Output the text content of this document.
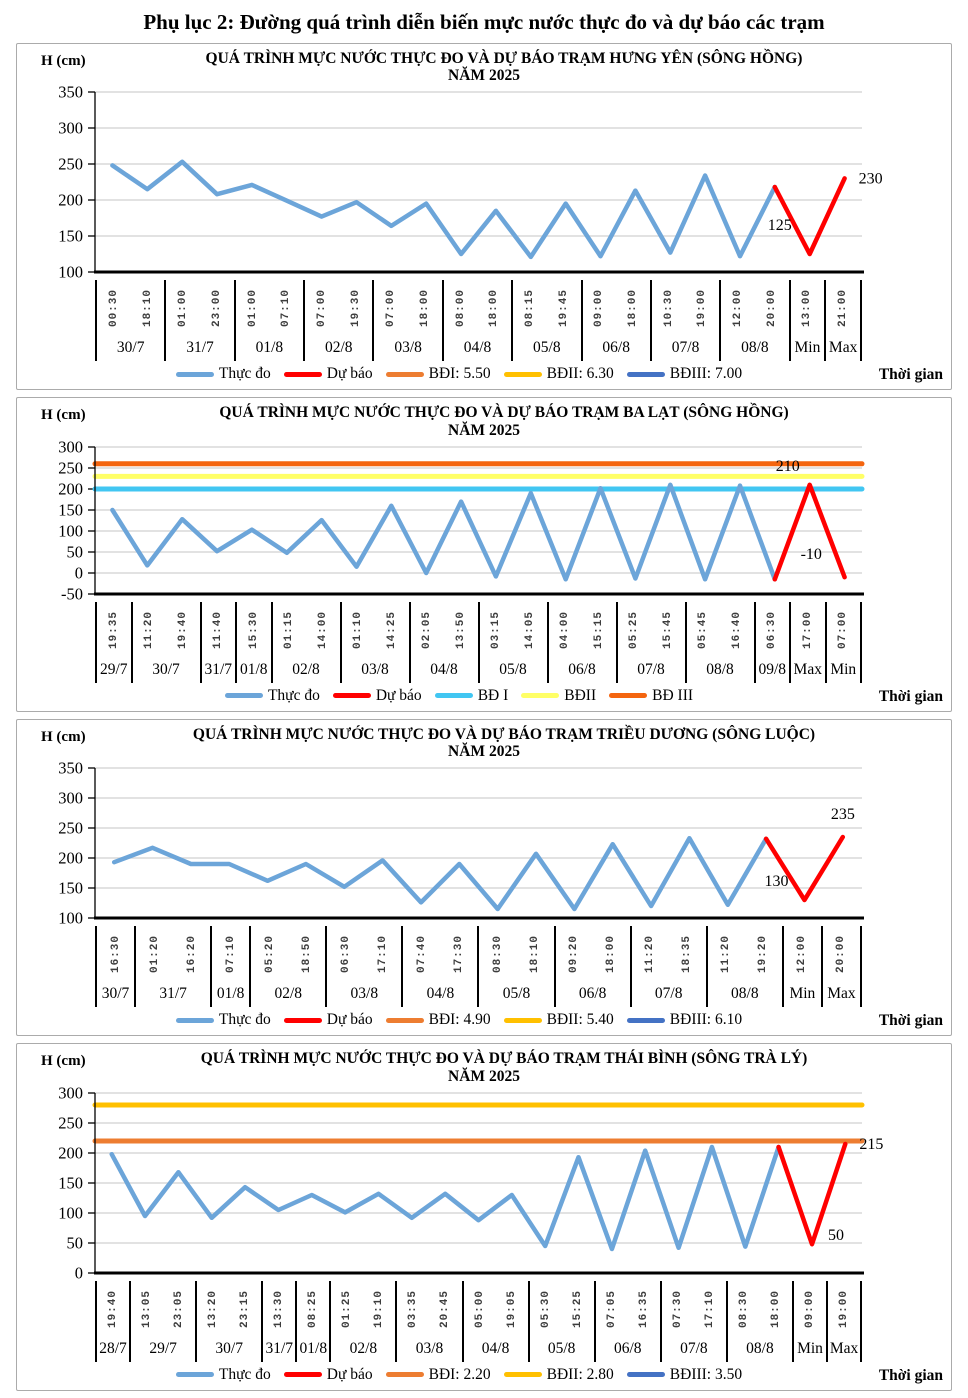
Phụ lục 2: Đường quá trình diễn biến mực nước thực đo và dự báo các trạm
H (cm)	QUÁ TRÌNH MỰC NƯỚC THỰC ĐO VÀ DỰ BÁO TRẠM HƯNG YÊN (SÔNG HỒNG)
NĂM 2025
350
300
250
200
150
100
125
230
00:30 18:10
30/7
01:00 23:00
31/7
01:00 07:10
01/8
07:00 19:30
02/8
07:00 18:00
03/8
08:00 18:00
04/8
08:15 19:45
05/8
09:00 18:00
06/8
10:30 19:00
07/8
12:00 20:00
08/8
13:00
Min
21:00
Max
Thực đo	Dự báo	BĐI: 5.50	BĐII: 6.30	BĐIII: 7.00	Thời gian
H (cm)	QUÁ TRÌNH MỰC NƯỚC THỰC ĐO VÀ DỰ BÁO TRẠM BA LẠT (SÔNG HỒNG)
NĂM 2025
300
250
200
150
100
50
0
-50
210
-10
19:35
29/7
11:20 19:40
30/7
11:40
31/7
15:30
01/8
01:15 14:00
02/8
01:10 14:25
03/8
02:05 13:50
04/8
03:15 14:05
05/8
04:00 15:15
06/8
05:25 15:45
07/8
05:45 16:40
08/8
06:30
09/8
17:00
Max
07:00
Min
Thực đo	Dự báo	BĐ I	BĐII	BĐ III	Thời gian
H (cm)	QUÁ TRÌNH MỰC NƯỚC THỰC ĐO VÀ DỰ BÁO TRẠM TRIỀU DƯƠNG (SÔNG LUỘC)
NĂM 2025
350
300
250
200
150
100
130
235
16:30
30/7
01:20 16:20
31/7
07:10
01/8
05:20 18:50
02/8
06:30 17:10
03/8
07:40 17:30
04/8
08:30 18:10
05/8
09:20 18:00
06/8
11:20 18:35
07/8
11:20 19:20
08/8
12:00
Min
20:00
Max
Thực đo	Dự báo	BĐI: 4.90	BĐII: 5.40	BĐIII: 6.10	Thời gian
H (cm)	QUÁ TRÌNH MỰC NƯỚC THỰC ĐO VÀ DỰ BÁO TRẠM THÁI BÌNH (SÔNG TRÀ LÝ)
NĂM 2025
300
250
200
150
100
50
0
50
215
19:40
28/7
13:05 23:05
29/7
13:20 23:15
30/7
13:30
31/7
08:25
01/8
01:25 19:10
02/8
03:35 20:45
03/8
05:00 19:05
04/8
05:30 15:25
05/8
07:05 16:35
06/8
07:30 17:10
07/8
08:30 18:00
08/8
09:00
Min
19:00
Max
Thực đo	Dự báo	BĐI: 2.20	BĐII: 2.80	BĐIII: 3.50	Thời gian
